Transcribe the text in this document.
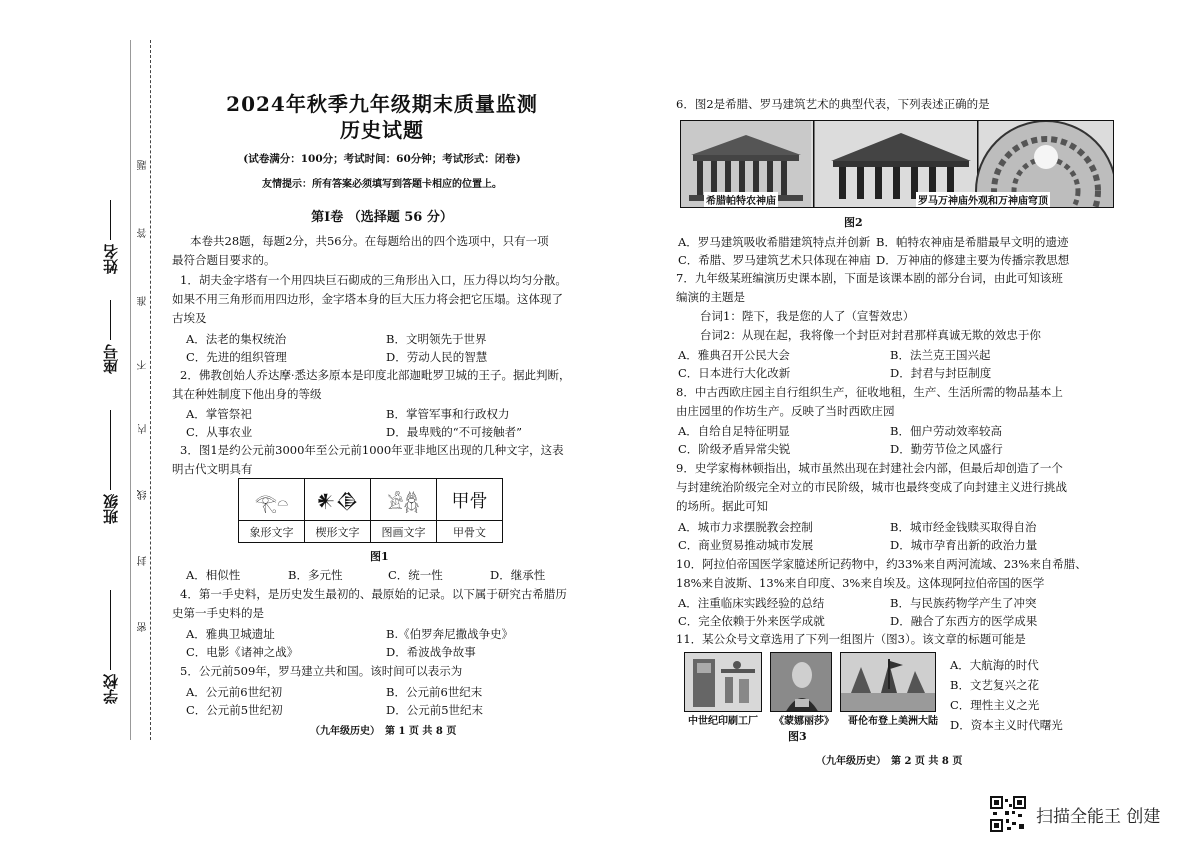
学校
班级
座号
姓名
题
答
准
不
内
线
封
密
2024年秋季九年级期末质量监测
历史试题
(试卷满分：100分；考试时间：60分钟；考试形式：闭卷)
友情提示：所有答案必须填写到答题卡相应的位置上。
第Ⅰ卷 （选择题 56 分）
本卷共28题，每题2分，共56分。在每题给出的四个选项中，只有一项
最符合题目要求的。
1．胡夫金字塔有一个用四块巨石砌成的三角形出入口，压力得以均匀分散。
如果不用三角形而用四边形，金字塔本身的巨大压力将会把它压塌。这体现了
古埃及
A．法老的集权统治	B．文明领先于世界
C．先进的组织管理	D．劳动人民的智慧
2．佛教创始人乔达摩·悉达多原本是印度北部迦毗罗卫城的王子。据此判断，
其在种姓制度下他出身的等级
A．掌管祭祀	B．掌管军事和行政权力
C．从事农业	D．最卑贱的“不可接触者”
3．图1是约公元前3000年至公元前1000年亚非地区出现的几种文字，这表
明古代文明具有
𓂀𓏏	𒀭𒆠	𓀀𓆣	甲骨
象形文字	楔形文字	图画文字	甲骨文
图1
A．相似性	B．多元性	C．统一性	D．继承性
4．第一手史料，是历史发生最初的、最原始的记录。以下属于研究古希腊历
史第一手史料的是
A．雅典卫城遗址	B.《伯罗奔尼撒战争史》
C．电影《诸神之战》	D．希波战争故事
5．公元前509年，罗马建立共和国。该时间可以表示为
A．公元前6世纪初	B．公元前6世纪末
C．公元前5世纪初	D．公元前5世纪末
（九年级历史）　第 1 页 共 8 页
6．图2是希腊、罗马建筑艺术的典型代表，下列表述正确的是
希腊帕特农神庙	罗马万神庙外观和万神庙穹顶
图2
A．罗马建筑吸收希腊建筑特点并创新 B．帕特农神庙是希腊最早文明的遗迹
C．希腊、罗马建筑艺术只体现在神庙 D．万神庙的修建主要为传播宗教思想
7．九年级某班编演历史课本剧，下面是该课本剧的部分台词，由此可知该班
编演的主题是
台词1：陛下，我是您的人了（宣誓效忠）
台词2：从现在起，我将像一个封臣对封君那样真诚无欺的效忠于你
A．雅典召开公民大会	B．法兰克王国兴起
C．日本进行大化改新	D．封君与封臣制度
8．中古西欧庄园主自行组织生产，征收地租，生产、生活所需的物品基本上
由庄园里的作坊生产。反映了当时西欧庄园
A．自给自足特征明显	B．佃户劳动效率较高
C．阶级矛盾异常尖锐	D．勤劳节俭之风盛行
9．史学家梅林顿指出，城市虽然出现在封建社会内部，但最后却创造了一个
与封建统治阶级完全对立的市民阶级，城市也最终变成了向封建主义进行挑战
的场所。据此可知
A．城市力求摆脱教会控制	B．城市经金钱赎买取得自治
C．商业贸易推动城市发展	D．城市孕育出新的政治力量
10．阿拉伯帝国医学家臆述所记药物中，约33%来自两河流域、23%来自希腊、
18%来自波斯、13%来自印度、3%来自埃及。这体现阿拉伯帝国的医学
A．注重临床实践经验的总结	B．与民族药物学产生了冲突
C．完全依赖于外来医学成就	D．融合了东西方的医学成果
11．某公众号文章选用了下列一组图片（图3）。该文章的标题可能是
中世纪印刷工厂 《蒙娜丽莎》 哥伦布登上美洲大陆
图3
A．大航海的时代
B．文艺复兴之花
C．理性主义之光
D．资本主义时代曙光
（九年级历史）　第 2 页 共 8 页
扫描全能王 创建
